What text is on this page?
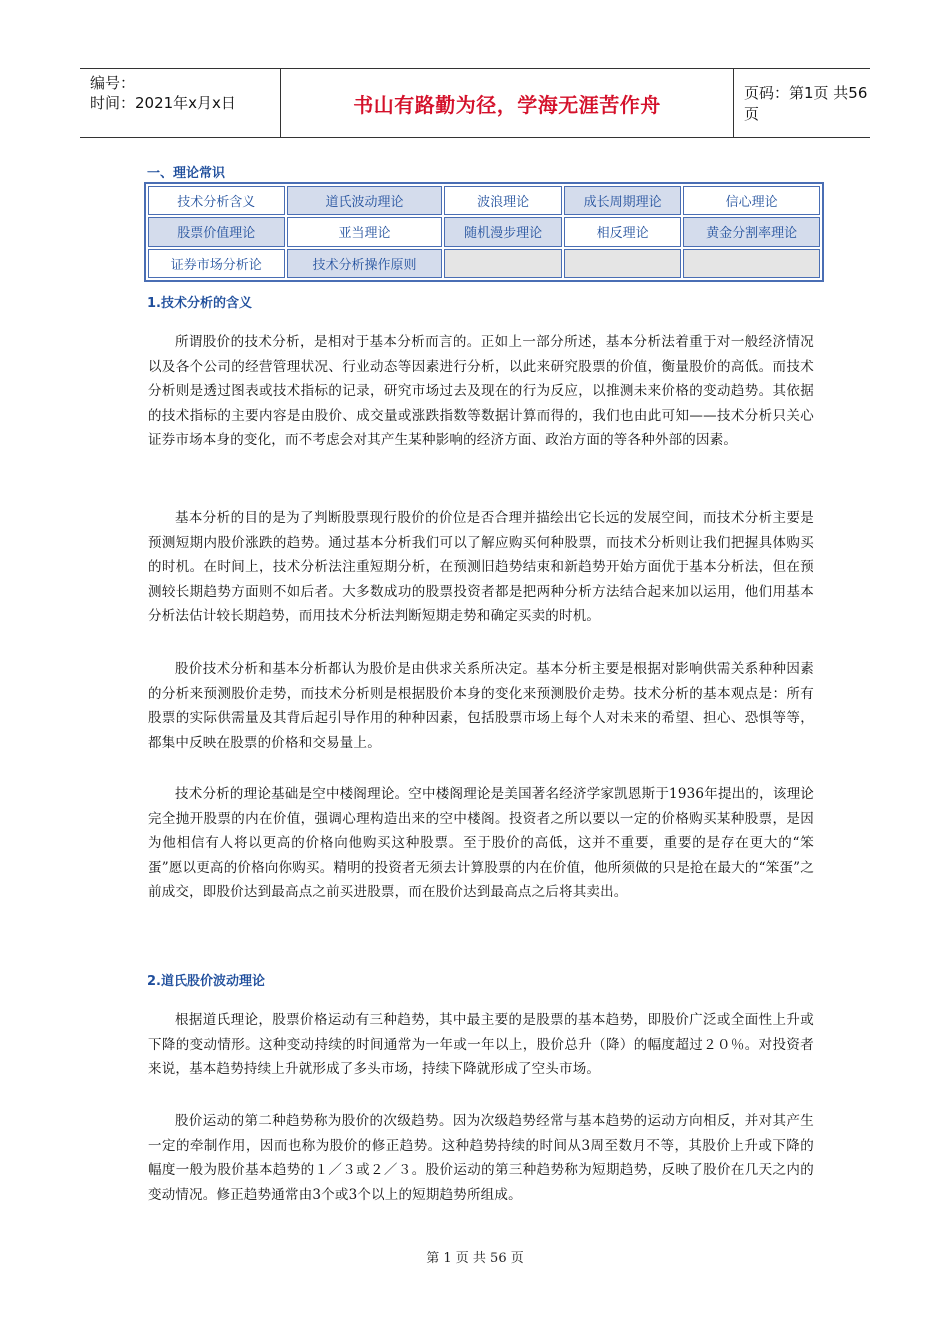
编号：
时间：2021年x月x日	书山有路勤为径，学海无涯苦作舟	页码：第1页 共56页
一、理论常识
技术分析含义	道氏波动理论	波浪理论	成长周期理论	信心理论
股票价值理论	亚当理论	随机漫步理论	相反理论	黄金分割率理论
证券市场分析论	技术分析操作原则			
1.技术分析的含义
所谓股价的技术分析，是相对于基本分析而言的。正如上一部分所述，基本分析法着重于对一般经济情况以及各个公司的经营管理状况、行业动态等因素进行分析，以此来研究股票的价值，衡量股价的高低。而技术分析则是透过图表或技术指标的记录，研究市场过去及现在的行为反应，以推测未来价格的变动趋势。其依据的技术指标的主要内容是由股价、成交量或涨跌指数等数据计算而得的，我们也由此可知——技术分析只关心证券市场本身的变化，而不考虑会对其产生某种影响的经济方面、政治方面的等各种外部的因素。
基本分析的目的是为了判断股票现行股价的价位是否合理并描绘出它长远的发展空间，而技术分析主要是预测短期内股价涨跌的趋势。通过基本分析我们可以了解应购买何种股票，而技术分析则让我们把握具体购买的时机。在时间上，技术分析法注重短期分析，在预测旧趋势结束和新趋势开始方面优于基本分析法，但在预测较长期趋势方面则不如后者。大多数成功的股票投资者都是把两种分析方法结合起来加以运用，他们用基本分析法估计较长期趋势，而用技术分析法判断短期走势和确定买卖的时机。
股价技术分析和基本分析都认为股价是由供求关系所决定。基本分析主要是根据对影响供需关系种种因素的分析来预测股价走势，而技术分析则是根据股价本身的变化来预测股价走势。技术分析的基本观点是：所有股票的实际供需量及其背后起引导作用的种种因素，包括股票市场上每个人对未来的希望、担心、恐惧等等，都集中反映在股票的价格和交易量上。
技术分析的理论基础是空中楼阁理论。空中楼阁理论是美国著名经济学家凯恩斯于1936年提出的，该理论完全抛开股票的内在价值，强调心理构造出来的空中楼阁。投资者之所以要以一定的价格购买某种股票，是因为他相信有人将以更高的价格向他购买这种股票。至于股价的高低，这并不重要，重要的是存在更大的“笨蛋”愿以更高的价格向你购买。精明的投资者无须去计算股票的内在价值，他所须做的只是抢在最大的“笨蛋”之前成交，即股价达到最高点之前买进股票，而在股价达到最高点之后将其卖出。
2.道氏股价波动理论
根据道氏理论，股票价格运动有三种趋势，其中最主要的是股票的基本趋势，即股价广泛或全面性上升或下降的变动情形。这种变动持续的时间通常为一年或一年以上，股价总升（降）的幅度超过２０％。对投资者来说，基本趋势持续上升就形成了多头市场，持续下降就形成了空头市场。
股价运动的第二种趋势称为股价的次级趋势。因为次级趋势经常与基本趋势的运动方向相反，并对其产生一定的牵制作用，因而也称为股价的修正趋势。这种趋势持续的时间从3周至数月不等，其股价上升或下降的幅度一般为股价基本趋势的１／３或２／３。股价运动的第三种趋势称为短期趋势，反映了股价在几天之内的变动情况。修正趋势通常由3个或3个以上的短期趋势所组成。
第 1 页 共 56 页
